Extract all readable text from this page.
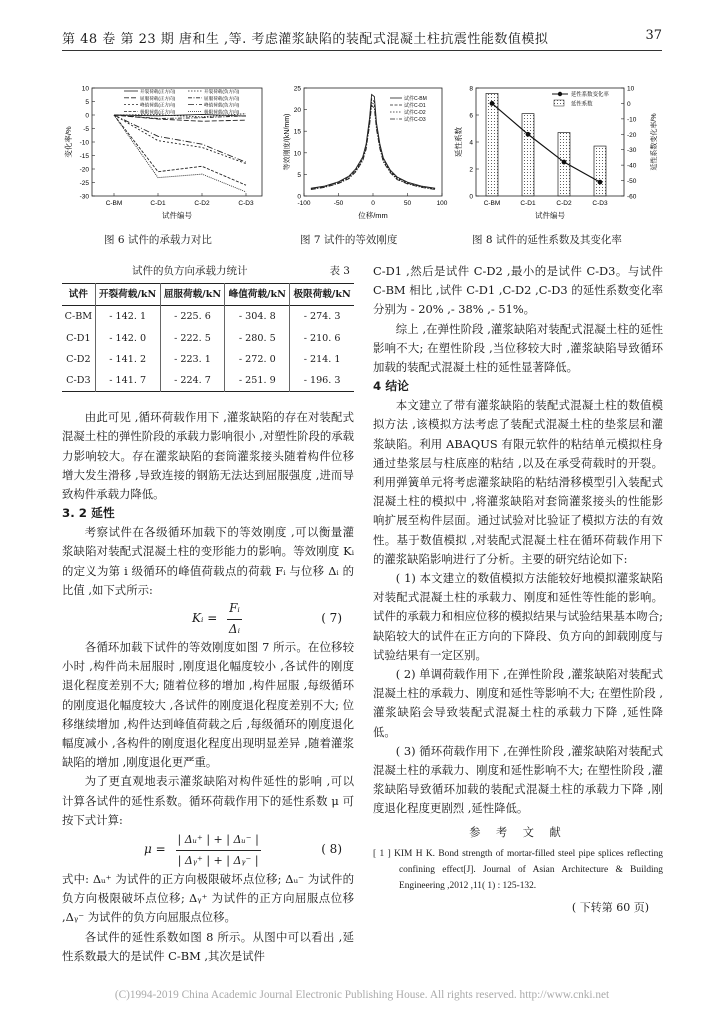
第 48 卷 第 23 期 唐和生 ,等. 考虑灌浆缺陷的装配式混凝土柱抗震性能数值模拟	37
10
5
0
-5
-10
-15
-20
-25
-30
C-BM	C-D1	C-D2	C-D3
试件编号
变化率/%
开裂荷载(正方向)	开裂荷载(负方向)
屈服荷载(正方向)	屈服荷载(负方向)
峰值荷载(正方向)	峰值荷载(负方向)
极限荷载(正方向)	极限荷载(负方向)
0
5
10
15
20
25
-100	-50	0	50	100
位移/mm
等效刚度/(kN/mm)
试件C-BM
试件C-D1
试件C-D2
试件C-D3
0
2
4
6
8	10
0
-10
-20
-30
-40
-50
-60
C-BM	C-D1	C-D2	C-D3
试件编号
延性系数	延性系数变化率/%
延性系数变化率
延性系数
图 6 试件的承载力对比	图 7 试件的等效刚度	图 8 试件的延性系数及其变化率
试件的负方向承载力统计	表 3
试件	开裂荷载/kN	屈服荷载/kN	峰值荷载/kN	极限荷载/kN
C-BM	- 142. 1	- 225. 6	- 304. 8	- 274. 3
C-D1	- 142. 0	- 222. 5	- 280. 5	- 210. 6
C-D2	- 141. 2	- 223. 1	- 272. 0	- 214. 1
C-D3	- 141. 7	- 224. 7	- 251. 9	- 196. 3

由此可见 ,循环荷载作用下 ,灌浆缺陷的存在对装配式混凝土柱的弹性阶段的承载力影响很小 ,对塑性阶段的承载力影响较大。存在灌浆缺陷的套筒灌浆接头随着构件位移增大发生滑移 ,导致连接的钢筋无法达到屈服强度 ,进而导致构件承载力降低。

3. 2 延性

考察试件在各级循环加载下的等效刚度 ,可以衡量灌浆缺陷对装配式混凝土柱的变形能力的影响。等效刚度 Kᵢ 的定义为第 i 级循环的峰值荷载点的荷载 Fᵢ 与位移 Δᵢ 的比值 ,如下式所示:

Kᵢ = $\frac{\text{Fᵢ}}{\text{Δᵢ}}$	( 7)

各循环加载下试件的等效刚度如图 7 所示。在位移较小时 ,构件尚未屈服时 ,刚度退化幅度较小 ,各试件的刚度退化程度差别不大; 随着位移的增加 ,构件屈服 ,每级循环的刚度退化幅度较大 ,各试件的刚度退化程度差别不大; 位移继续增加 ,构件达到峰值荷载之后 ,每级循环的刚度退化幅度减小 ,各构件的刚度退化程度出现明显差异 ,随着灌浆缺陷的增加 ,刚度退化更严重。

为了更直观地表示灌浆缺陷对构件延性的影响 ,可以计算各试件的延性系数。循环荷载作用下的延性系数 μ 可按下式计算:

$\mu = \frac{\text{| Δᵤ⁺ | + | Δᵤ⁻ |}}{\text{| Δᵧ⁺ | + | Δᵧ⁻ |}}$	( 8)

式中: Δᵤ⁺ 为试件的正方向极限破坏点位移; Δᵤ⁻ 为试件的负方向极限破坏点位移; Δᵧ⁺ 为试件的正方向屈服点位移 ,Δᵧ⁻ 为试件的负方向屈服点位移。

各试件的延性系数如图 8 所示。从图中可以看出 ,延性系数最大的是试件 C-BM ,其次是试件

C-D1 ,然后是试件 C-D2 ,最小的是试件 C-D3。与试件 C-BM 相比 ,试件 C-D1 ,C-D2 ,C-D3 的延性系数变化率分别为 - 20% ,- 38% ,- 51%。

综上 ,在弹性阶段 ,灌浆缺陷对装配式混凝土柱的延性影响不大; 在塑性阶段 ,当位移较大时 ,灌浆缺陷导致循环加载的装配式混凝土柱的延性显著降低。

4 结论

本文建立了带有灌浆缺陷的装配式混凝土柱的数值模拟方法 ,该模拟方法考虑了装配式混凝土柱的垫浆层和灌浆缺陷。利用 ABAQUS 有限元软件的粘结单元模拟柱身通过垫浆层与柱底座的粘结 ,以及在承受荷载时的开裂。利用弹簧单元将考虑灌浆缺陷的粘结滑移模型引入装配式混凝土柱的模拟中 ,将灌浆缺陷对套筒灌浆接头的性能影响扩展至构件层面。通过试验对比验证了模拟方法的有效性。基于数值模拟 ,对装配式混凝土柱在循环荷载作用下的灌浆缺陷影响进行了分析。主要的研究结论如下:

( 1) 本文建立的数值模拟方法能较好地模拟灌浆缺陷对装配式混凝土柱的承载力、刚度和延性等性能的影响。试件的承载力和相应位移的模拟结果与试验结果基本吻合; 缺陷较大的试件在正方向的下降段、负方向的卸载刚度与试验结果有一定区别。

( 2) 单调荷载作用下 ,在弹性阶段 ,灌浆缺陷对装配式混凝土柱的承载力、刚度和延性等影响不大; 在塑性阶段 ,灌浆缺陷会导致装配式混凝土柱的承载力下降 ,延性降低。

( 3) 循环荷载作用下 ,在弹性阶段 ,灌浆缺陷对装配式混凝土柱的承载力、刚度和延性影响不大; 在塑性阶段 ,灌浆缺陷导致循环加载的装配式混凝土柱的承载力下降 ,刚度退化程度更剧烈 ,延性降低。

参 考 文 献
[ 1 ] KIM H K. Bond strength of mortar-filled steel pipe splices reflecting confining effect[J]. Journal of Asian Architecture & Building Engineering ,2012 ,11( 1) : 125-132.
( 下转第 60 页)
(C)1994-2019 China Academic Journal Electronic Publishing House. All rights reserved. http://www.cnki.net
